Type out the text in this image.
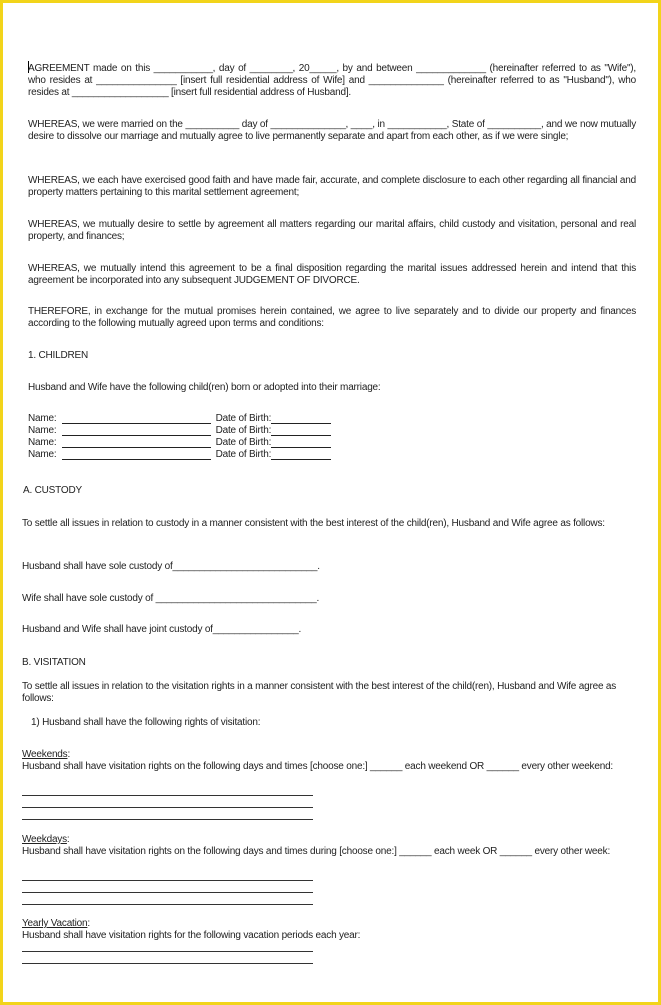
AGREEMENT made on this ___________, day of ________, 20_____, by and between _____________ (hereinafter referred to as "Wife"), who resides at _______________ [insert full residential address of Wife] and ______________ (hereinafter referred to as "Husband"), who resides at __________________ [insert full residential address of Husband].

WHEREAS, we were married on the __________ day of ______________, ____, in ___________, State of __________, and we now mutually desire to dissolve our marriage and mutually agree to live permanently separate and apart from each other, as if we were single;

WHEREAS, we each have exercised good faith and have made fair, accurate, and complete disclosure to each other regarding all financial and property matters pertaining to this marital settlement agreement;

WHEREAS, we mutually desire to settle by agreement all matters regarding our marital affairs, child custody and visitation, personal and real property, and finances;

WHEREAS, we mutually intend this agreement to be a final disposition regarding the marital issues addressed herein and intend that this agreement be incorporated into any subsequent JUDGEMENT OF DIVORCE.

THEREFORE, in exchange for the mutual promises herein contained, we agree to live separately and to divide our property and finances according to the following mutually agreed upon terms and conditions:

1. CHILDREN

Husband and Wife have the following child(ren) born or adopted into their marriage:

Name:	Date of Birth:
Name:	Date of Birth:
Name:	Date of Birth:
Name:	Date of Birth:

A. CUSTODY

To settle all issues in relation to custody in a manner consistent with the best interest of the child(ren), Husband and Wife agree as follows:

Husband shall have sole custody of___________________________.

Wife shall have sole custody of ______________________________.

Husband and Wife shall have joint custody of________________.

B. VISITATION

To settle all issues in relation to the visitation rights in a manner consistent with the best interest of the child(ren), Husband and Wife agree as follows:

1) Husband shall have the following rights of visitation:

Weekends:

Husband shall have visitation rights on the following days and times [choose one:] ______ each weekend OR ______ every other weekend:

Weekdays:

Husband shall have visitation rights on the following days and times during [choose one:] ______ each week OR ______ every other week:

Yearly Vacation:

Husband shall have visitation rights for the following vacation periods each year:
